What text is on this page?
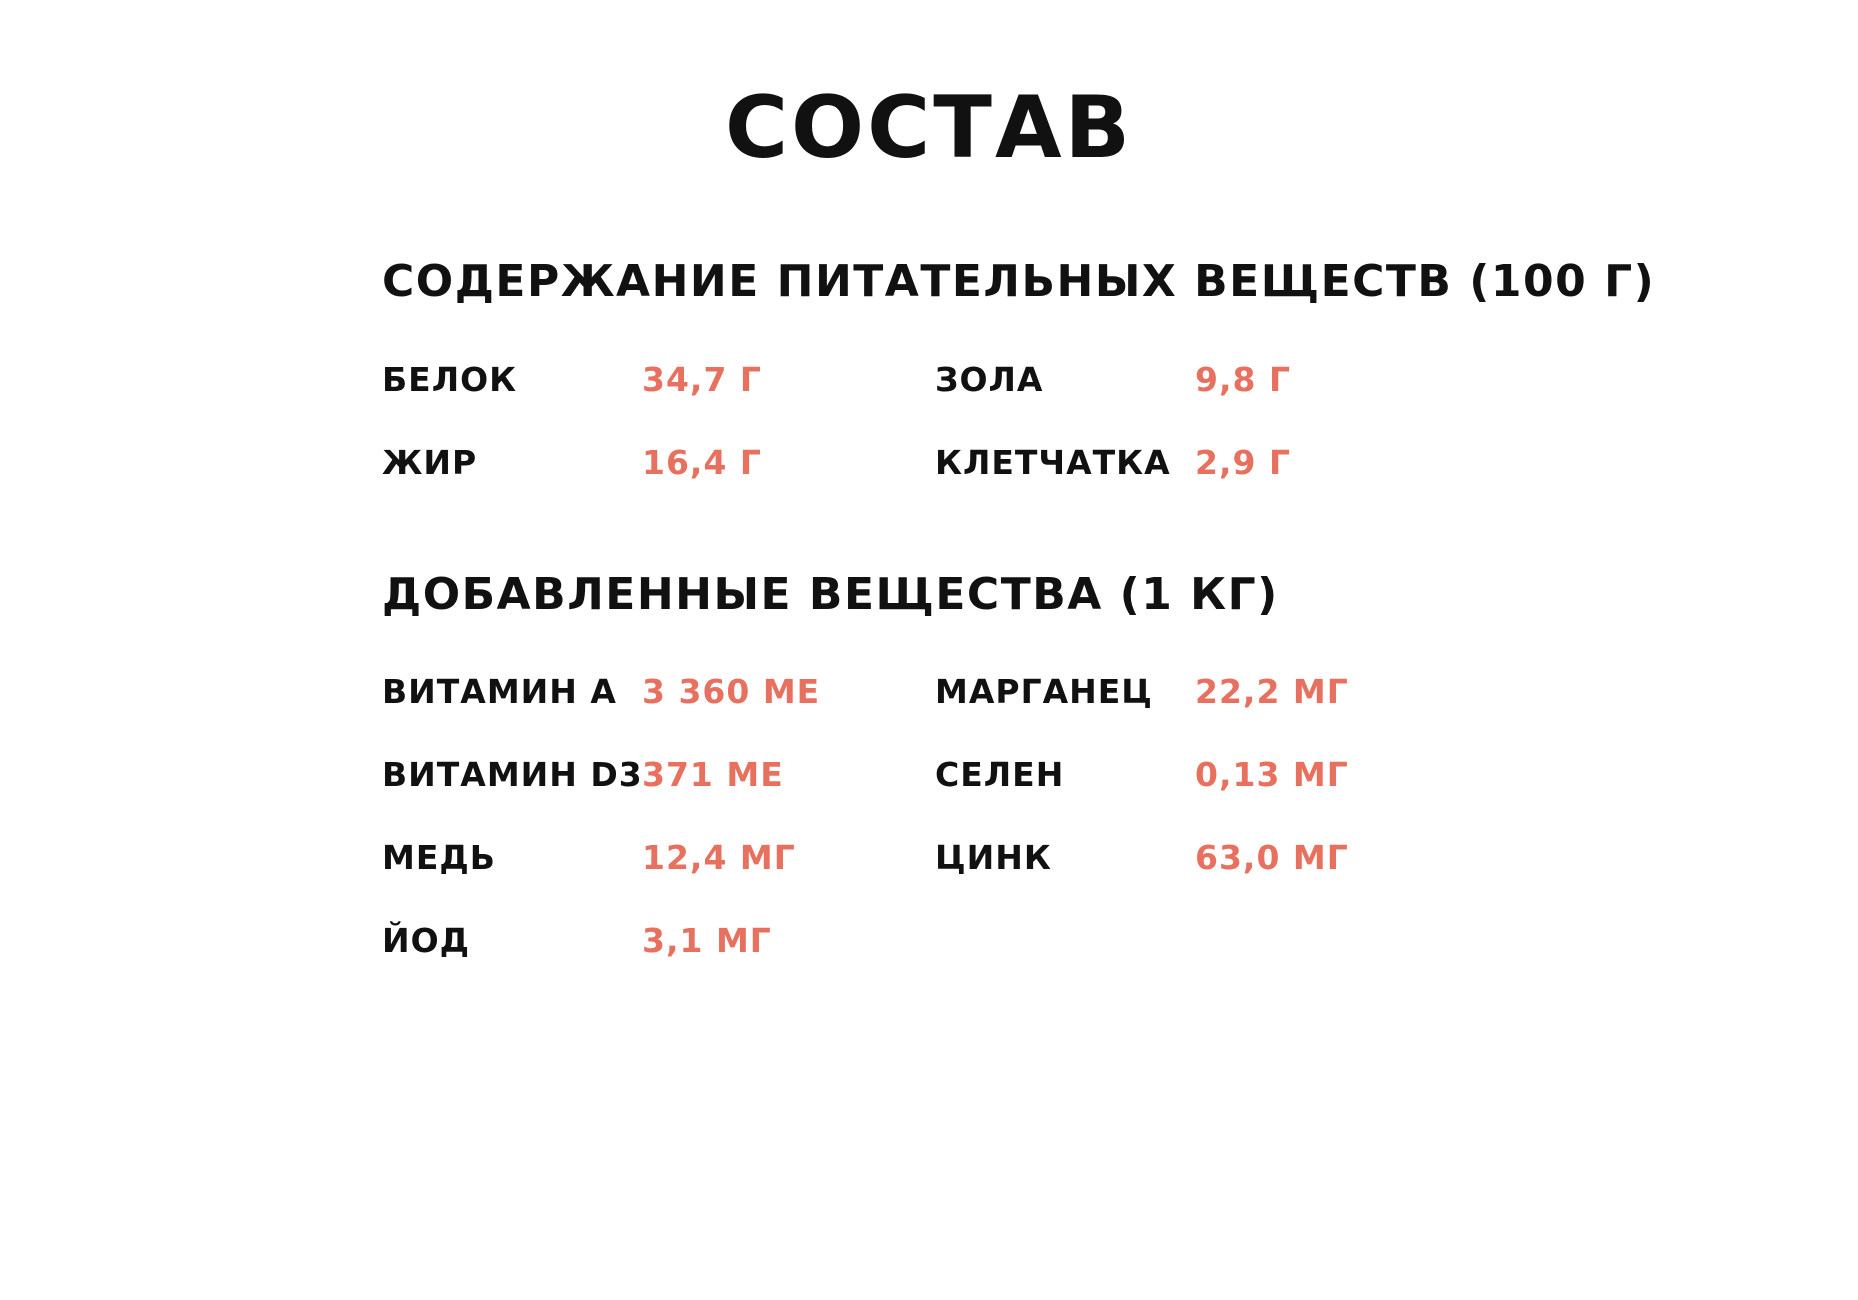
СОСТАВ
СОДЕРЖАНИЕ ПИТАТЕЛЬНЫХ ВЕЩЕСТВ (100 Г)
БЕЛОК	34,7 Г	ЗОЛА	9,8 Г
ЖИР	16,4 Г	КЛЕТЧАТКА 2,9 Г
ДОБАВЛЕННЫЕ ВЕЩЕСТВА (1 КГ)
ВИТАМИН А 3 360 МЕ	МАРГАНЕЦ 22,2 МГ
ВИТАМИН D3 371 МЕ	СЕЛЕН	0,13 МГ
МЕДЬ	12,4 МГ	ЦИНК	63,0 МГ
ЙОД	3,1 МГ
